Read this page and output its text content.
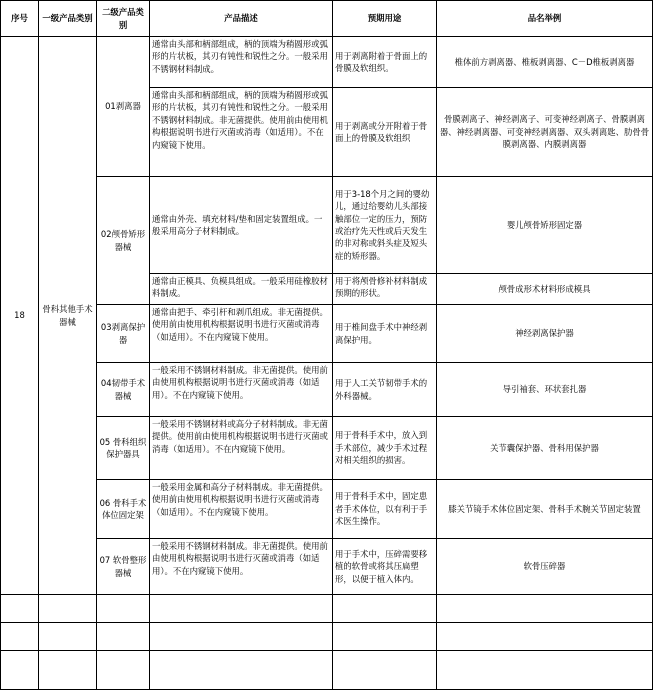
序号	一级产品类别	二级产品类别	产品描述	预期用途	品名举例
18	骨科其他手术器械	01剥离器	通常由头部和柄部组成，柄的顶端为稍圆形或弧形的片状板，其刃有钝性和锐性之分。一般采用不锈钢材料制成。	用于剥离附着于骨面上的骨膜及软组织。	椎体前方剥离器、椎板剥离器、C－D椎板剥离器
			通常由头部和柄部组成，柄的顶端为稍圆形或弧形的片状板，其刃有钝性和锐性之分。一般采用不锈钢材料制成。非无菌提供。使用前由使用机构根据说明书进行灭菌或消毒（如适用）。不在内窥镜下使用。	用于剥离或分开附着于骨面上的骨膜及软组织	骨膜剥离子、神经剥离子、可变神经剥离子、骨膜剥离器、神经剥离器、可变神经剥离器、双头剥离匙、肋骨骨膜剥离器、内膜剥离器
		02颅骨矫形器械	通常由外壳、填充材料/垫和固定装置组成。一般采用高分子材料制成。	用于3-18个月之间的婴幼儿，通过给婴幼儿头部接触部位一定的压力，预防或治疗先天性或后天发生的非对称或斜头症及短头症的矫形器。	婴儿颅骨矫形固定器
			通常由正模具、负模具组成。一般采用硅橡胶材料制成。	用于将颅骨修补材料制成预期的形状。	颅骨成形术材料形成模具
		03剥离保护器	通常由把手、牵引杆和剥爪组成。非无菌提供。使用前由使用机构根据说明书进行灭菌或消毒（如适用）。不在内窥镜下使用。	用于椎间盘手术中神经剥离保护用。	神经剥离保护器
		04韧带手术器械	一般采用不锈钢材料制成。非无菌提供。使用前由使用机构根据说明书进行灭菌或消毒（如适用）。不在内窥镜下使用。	用于人工关节韧带手术的外科器械。	导引袖套、环状套扎器
		05 骨科组织保护器具	一般采用不锈钢材料或高分子材料制成。非无菌提供。使用前由使用机构根据说明书进行灭菌或消毒（如适用）。不在内窥镜下使用。	用于骨科手术中，放入到手术部位，减少手术过程对相关组织的损害。	关节囊保护器、骨科用保护器
		06 骨科手术体位固定架	一般采用金属和高分子材料制成。非无菌提供。使用前由使用机构根据说明书进行灭菌或消毒（如适用）。不在内窥镜下使用。	用于骨科手术中，固定患者手术体位，以有利于手术医生操作。	膝关节镜手术体位固定架、骨科手术腕关节固定装置
		07 软骨整形器械	一般采用不锈钢材料制成。非无菌提供。使用前由使用机构根据说明书进行灭菌或消毒（如适用）。不在内窥镜下使用。	用于手术中，压碎需要移植的软骨或将其压扁塑形，以便于植入体内。	软骨压碎器
